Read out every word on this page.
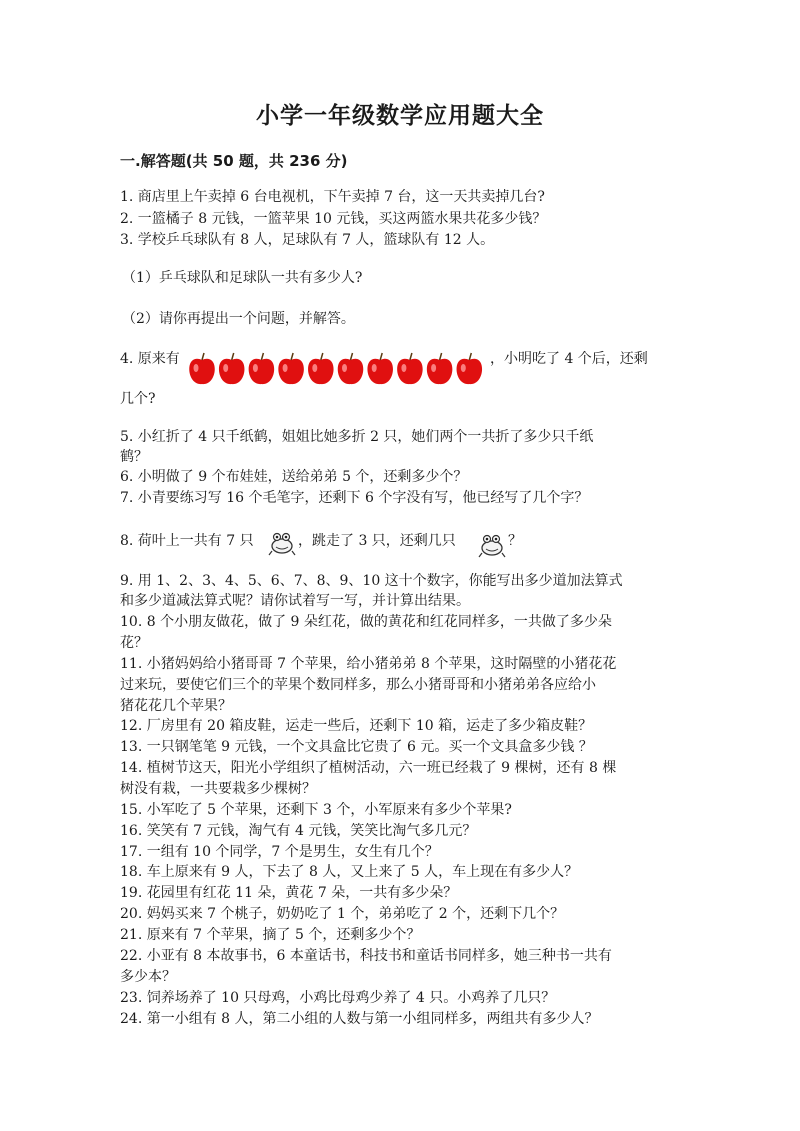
小学一年级数学应用题大全
一.解答题(共 50 题，共 236 分)
1. 商店里上午卖掉 6 台电视机，下午卖掉 7 台，这一天共卖掉几台?
2. 一篮橘子 8 元钱，一篮苹果 10 元钱，买这两篮水果共花多少钱？
3. 学校乒乓球队有 8 人，足球队有 7 人，篮球队有 12 人。
（1）乒乓球队和足球队一共有多少人?
（2）请你再提出一个问题，并解答。
4. 原来有	，小明吃了 4 个后，还剩
几个?
5. 小红折了 4 只千纸鹤，姐姐比她多折 2 只，她们两个一共折了多少只千纸
鹤？
6. 小明做了 9 个布娃娃，送给弟弟 5 个，还剩多少个？
7. 小青要练习写 16 个毛笔字，还剩下 6 个字没有写，他已经写了几个字？
8. 荷叶上一共有 7 只	，跳走了 3 只，还剩几只	？
9. 用 1、2、3、4、5、6、7、8、9、10 这十个数字，你能写出多少道加法算式
和多少道减法算式呢？请你试着写一写，并计算出结果。
10. 8 个小朋友做花，做了 9 朵红花，做的黄花和红花同样多，一共做了多少朵
花？
11. 小猪妈妈给小猪哥哥 7 个苹果，给小猪弟弟 8 个苹果，这时隔壁的小猪花花
过来玩，要使它们三个的苹果个数同样多，那么小猪哥哥和小猪弟弟各应给小
猪花花几个苹果？
12. 厂房里有 20 箱皮鞋，运走一些后，还剩下 10 箱，运走了多少箱皮鞋？
13. 一只钢笔笔 9 元钱，一个文具盒比它贵了 6 元。买一个文具盒多少钱 ？
14. 植树节这天，阳光小学组织了植树活动，六一班已经栽了 9 棵树，还有 8 棵
树没有栽，一共要栽多少棵树？
15. 小军吃了 5 个苹果，还剩下 3 个，小军原来有多少个苹果?
16. 笑笑有 7 元钱，淘气有 4 元钱，笑笑比淘气多几元？
17. 一组有 10 个同学，7 个是男生，女生有几个？
18. 车上原来有 9 人，下去了 8 人，又上来了 5 人，车上现在有多少人？
19. 花园里有红花 11 朵，黄花 7 朵，一共有多少朵？
20. 妈妈买来 7 个桃子，奶奶吃了 1 个，弟弟吃了 2 个，还剩下几个？
21. 原来有 7 个苹果，摘了 5 个，还剩多少个？
22. 小亚有 8 本故事书，6 本童话书，科技书和童话书同样多，她三种书一共有
多少本？
23. 饲养场养了 10 只母鸡，小鸡比母鸡少养了 4 只。小鸡养了几只？
24. 第一小组有 8 人，第二小组的人数与第一小组同样多，两组共有多少人？
